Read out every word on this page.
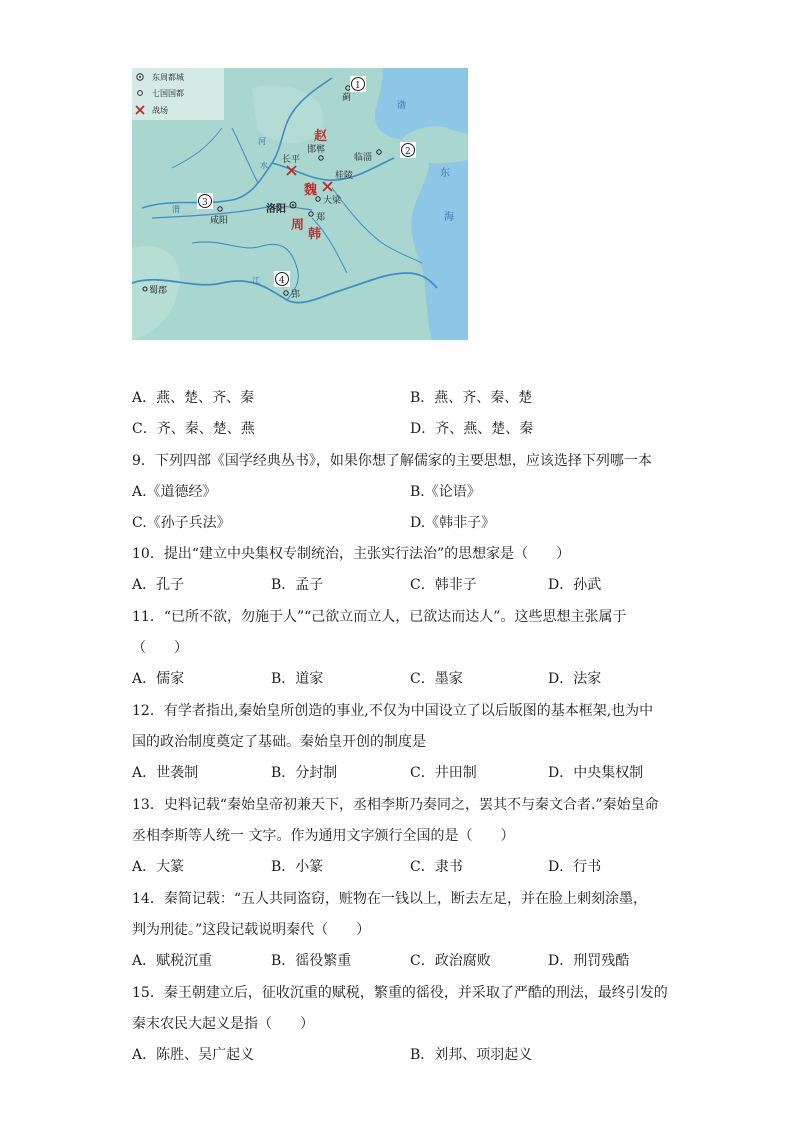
东周都城
七国国都
战场
蓟
1
临淄
2
赵
邯郸
长平
桂陵
魏
大梁
洛阳
周 郑
韩
3
咸阳
蜀郡
4
郢
渤
东
海
河
水
渭
江
A．燕、楚、齐、秦	B．燕、齐、秦、楚
C．齐、秦、楚、燕	D．齐、燕、楚、秦
9．下列四部《国学经典丛书》，如果你想了解儒家的主要思想，应该选择下列哪一本
A.《道德经》	B.《论语》
C.《孙子兵法》	D.《韩非子》
10．提出“建立中央集权专制统治，主张实行法治”的思想家是（　　）
A．孔子	B．孟子	C．韩非子	D．孙武
11．“已所不欲，勿施于人”“己欲立而立人，已欲达而达人”。这些思想主张属于
（　　）
A．儒家	B．道家	C．墨家	D．法家
12．有学者指出,秦始皇所创造的事业,不仅为中国设立了以后版图的基本框架,也为中
国的政治制度奠定了基础。秦始皇开创的制度是
A．世袭制	B．分封制	C．井田制	D．中央集权制
13．史料记载“秦始皇帝初兼天下，丞相李斯乃奏同之，罢其不与秦文合者.”秦始皇命
丞相李斯等人统一 文字。作为通用文字颁行全国的是（　　）
A．大篆	B．小篆	C．隶书	D．行书
14．秦简记载：“五人共同盗窃，赃物在一钱以上，断去左足，并在脸上刺刻涂墨，
判为刑徒。”这段记载说明秦代（　　）
A．赋税沉重	B．徭役繁重	C．政治腐败	D．刑罚残酷
15．秦王朝建立后，征收沉重的赋税，繁重的徭役，并采取了严酷的刑法，最终引发的
秦末农民大起义是指（　　）
A．陈胜、吴广起义	B．刘邦、项羽起义
